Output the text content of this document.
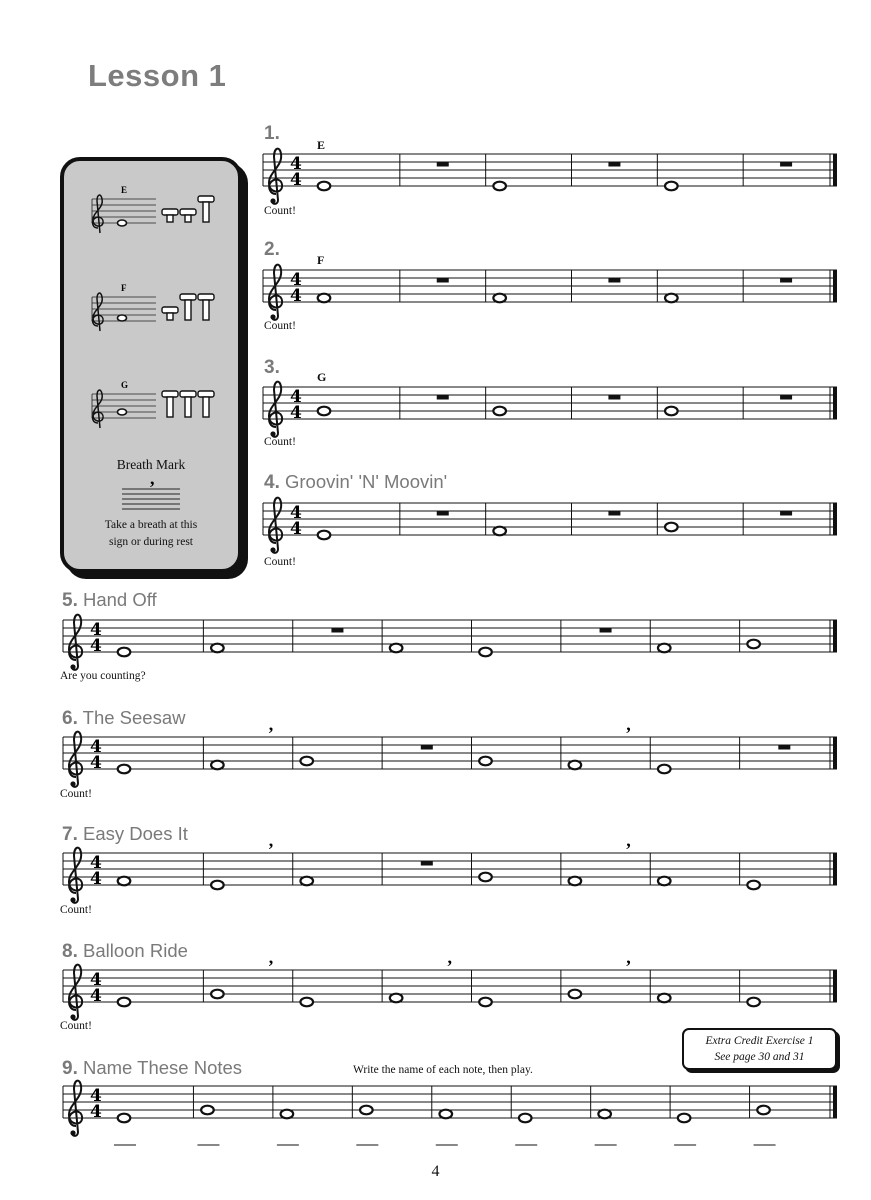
Lesson 1
E
F
G
Breath Mark
,
Take a breath at this
sign or during rest
Extra Credit Exercise 1
See page 30 and 31
4
4
4
1.
Count!
E
4
4
2.
Count!
F
4
4
3.
Count!
G
4
4
4. Groovin' 'N' Moovin'
Count!
4
4
5. Hand Off
Are you counting?
4
4
,	,
6. The Seesaw
Count!
4
4
,	,
7. Easy Does It
Count!
4
4
,	,	,
8. Balloon Ride
Count!
4
4
9. Name These Notes	Write the name of each note, then play.
